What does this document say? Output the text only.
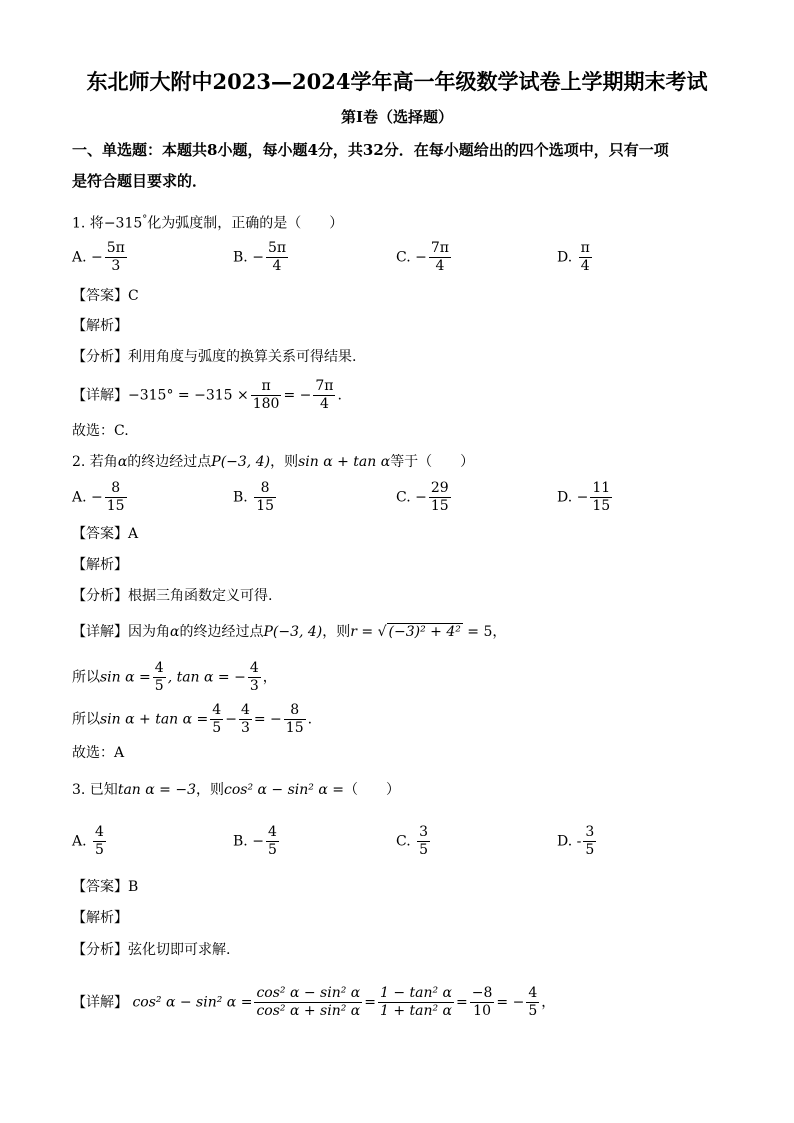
东北师大附中2023—2024学年高一年级数学试卷上学期期末考试
第Ⅰ卷（选择题）
一、单选题：本题共8小题，每小题4分，共32分．在每小题给出的四个选项中，只有一项
是符合题目要求的．
1. 将−315°化为弧度制，正确的是（　　）
A. − $\frac{5\pi}{3}$	B. − $\frac{5\pi}{4}$	C. − $\frac{7\pi}{4}$	D. $\frac{\pi}{4}$
【 答案 】 C
【 解析 】
【 分析 】 利用角度与弧度的换算关系可得结果.
【 详解 】 $-315^\circ = -315 \times \frac{\pi}{180}$ = − $\frac{7\pi}{4}$ .
故选：C.
2. 若角α的终边经过点P(−3, 4)，则sin α + tan α等于（　　）
A. − $\frac{8}{15}$	B. $\frac{8}{15}$	C. − $\frac{29}{15}$	D. − $\frac{11}{15}$
【 答案 】 A
【 解析 】
【 分析 】 根据三角函数定义可得.
【 详解 】 因为角α的终边经过点P(−3, 4)，则r = √ (−3)² + 4² = 5，
所以$\sin \alpha = \frac{4}{5}$ , tan α = − $\frac{4}{3}$ ，
所以$\sin \alpha + \tan \alpha = \frac{4}{5} - \frac{4}{3}$ = − $\frac{8}{15}$ .
故选：A
3. 已知tan α = −3，则cos² α − sin² α =（　　）
A. $\frac{4}{5}$	B. − $\frac{4}{5}$	C. $\frac{3}{5}$	D. - $\frac{3}{5}$
【 答案 】 B
【 解析 】
【 分析 】 弦化切即可求解.
【 详解 】 cos² α − sin² $\alpha = \frac{\text{cos² α − sin² α}}{\text{cos² α + sin² α}} = \frac{\text{1 − tan² α}}{\text{1 + tan² α}} = \frac{-8}{10}$ = − $\frac{4}{5}$ ，
